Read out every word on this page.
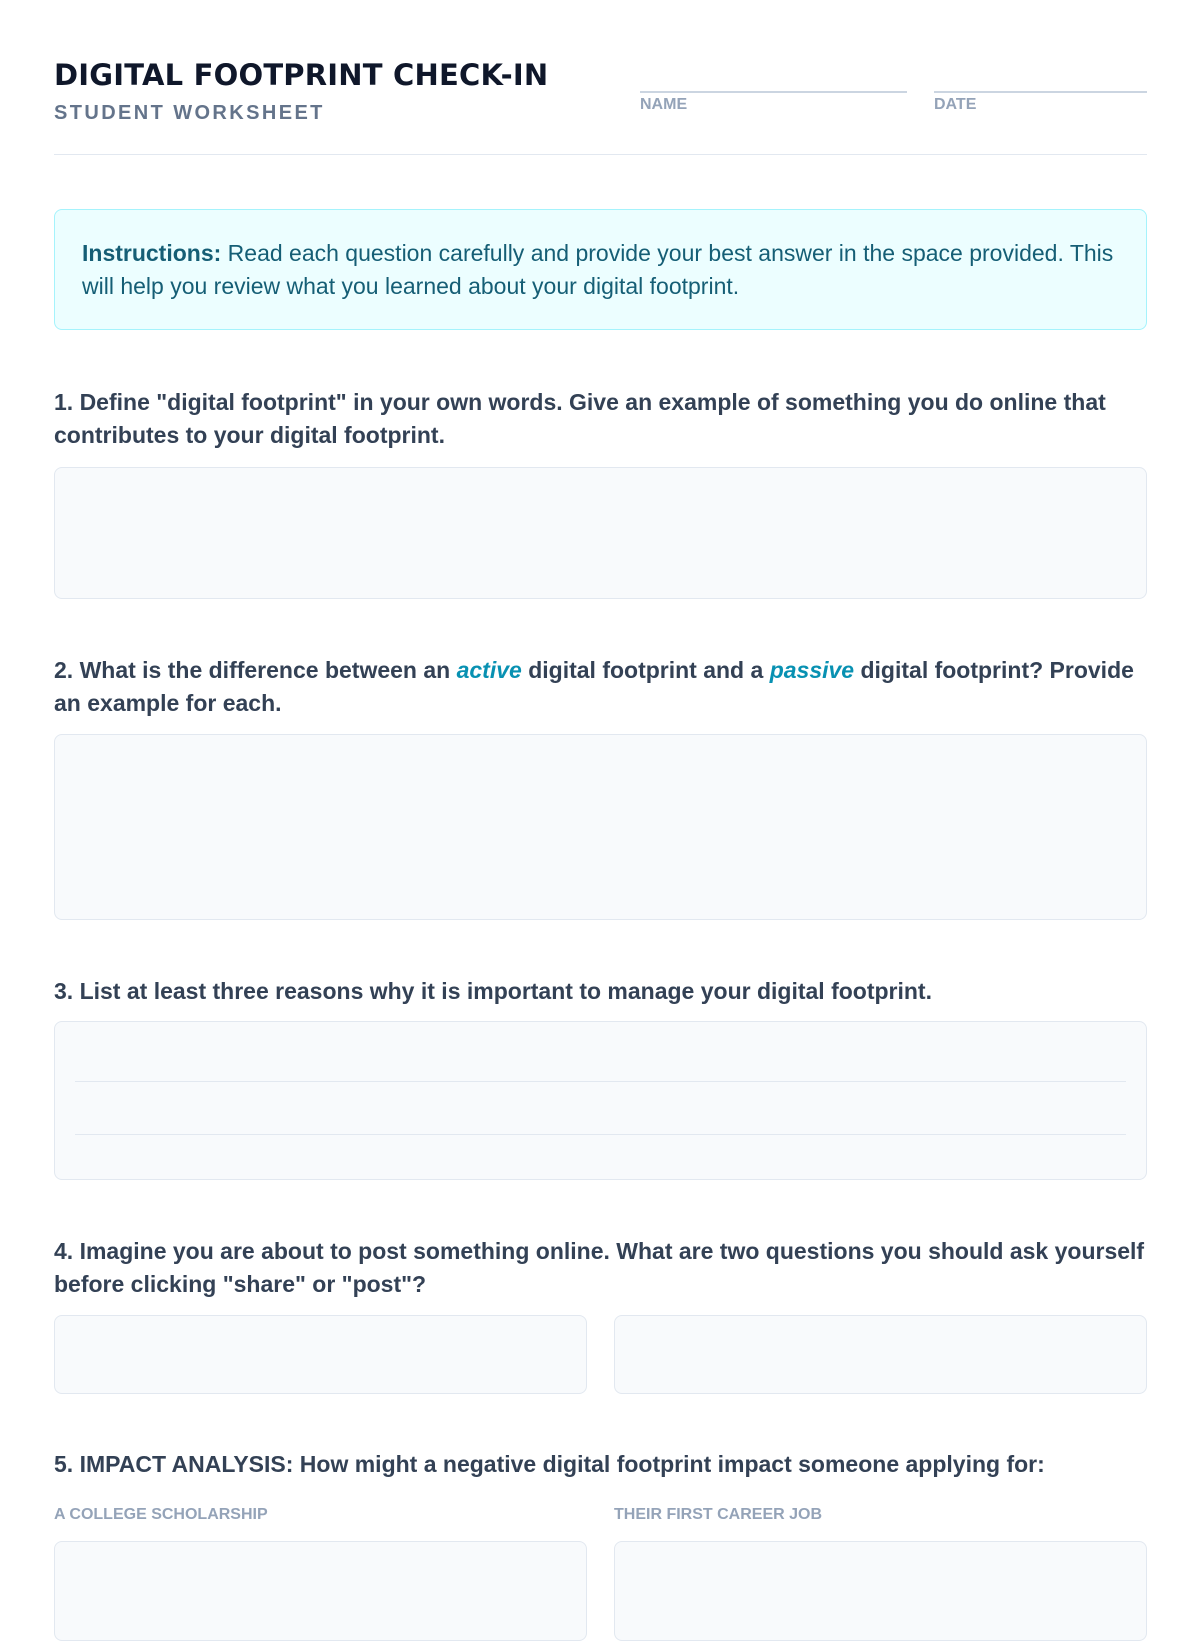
DIGITAL FOOTPRINT CHECK-IN
STUDENT WORKSHEET	NAME	DATE
Instructions: Read each question carefully and provide your best answer in the space provided. This will help you review what you learned about your digital footprint.

1. Define "digital footprint" in your own words. Give an example of something you do online that contributes to your digital footprint.

2. What is the difference between an active digital footprint and a passive digital footprint? Provide an example for each.

3. List at least three reasons why it is important to manage your digital footprint.

4. Imagine you are about to post something online. What are two questions you should ask yourself before clicking "share" or "post"?

5. IMPACT ANALYSIS: How might a negative digital footprint impact someone applying for:

A COLLEGE SCHOLARSHIP	THEIR FIRST CAREER JOB
